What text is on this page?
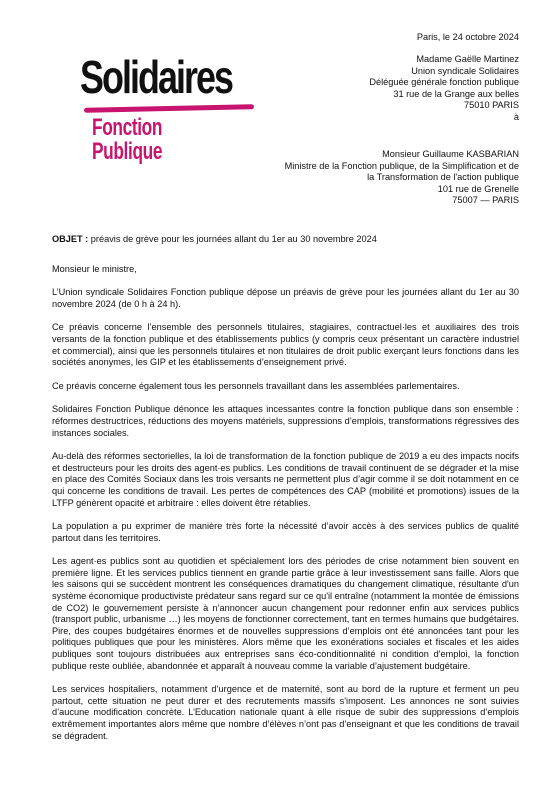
Paris, le 24 octobre 2024
Solidaires
Fonction Publique
Madame Gaëlle Martinez
Union syndicale Solidaires
Déléguée générale fonction publique
31 rue de la Grange aux belles
75010 PARIS
à
Monsieur Guillaume KASBARIAN
Ministre de la Fonction publique, de la Simplification et de la Transformation de l'action publique
101 rue de Grenelle
75007 — PARIS

OBJET : préavis de grève pour les journées allant du 1er au 30 novembre 2024

Monsieur le ministre,

L’Union syndicale Solidaires Fonction publique dépose un préavis de grève pour les journées allant du 1er au 30 novembre 2024 (de 0 h à 24 h).

Ce préavis concerne l’ensemble des personnels titulaires, stagiaires, contractuel·les et auxiliaires des trois versants de la fonction publique et des établissements publics (y compris ceux présentant un caractère industriel et commercial), ainsi que les personnels titulaires et non titulaires de droit public exerçant leurs fonctions dans les sociétés anonymes, les GIP et les établissements d’enseignement privé.

Ce préavis concerne également tous les personnels travaillant dans les assemblées parlementaires.

Solidaires Fonction Publique dénonce les attaques incessantes contre la fonction publique dans son ensemble : réformes destructrices, réductions des moyens matériels, suppressions d’emplois, transformations régressives des instances sociales.

Au-delà des réformes sectorielles, la loi de transformation de la fonction publique de 2019 a eu des impacts nocifs et destructeurs pour les droits des agent·es publics. Les conditions de travail continuent de se dégrader et la mise en place des Comités Sociaux dans les trois versants ne permettent plus d’agir comme il se doit notamment en ce qui concerne les conditions de travail. Les pertes de compétences des CAP (mobilité et promotions) issues de la LTFP génèrent opacité et arbitraire : elles doivent être rétablies.

La population a pu exprimer de manière très forte la nécessité d’avoir accès à des services publics de qualité partout dans les territoires.

Les agent·es publics sont au quotidien et spécialement lors des périodes de crise notamment bien souvent en première ligne. Et les services publics tiennent en grande partie grâce à leur investissement sans faille. Alors que les saisons qui se succèdent montrent les conséquences dramatiques du changement climatique, résultante d'un système économique productiviste prédateur sans regard sur ce qu'il entraîne (notamment la montée de émissions de CO2) le gouvernement persiste à n’annoncer aucun changement pour redonner enfin aux services publics (transport public, urbanisme …) les moyens de fonctionner correctement, tant en termes humains que budgétaires. Pire, des coupes budgétaires énormes et de nouvelles suppressions d’emplois ont été annoncées tant pour les politiques publiques que pour les ministères. Alors même que les exonérations sociales et fiscales et les aides publiques sont toujours distribuées aux entreprises sans éco-conditionnalité ni condition d'emploi, la fonction publique reste oubliée, abandonnée et apparaît à nouveau comme la variable d’ajustement budgétaire.

Les services hospitaliers, notamment d’urgence et de maternité, sont au bord de la rupture et ferment un peu partout, cette situation ne peut durer et des recrutements massifs s'imposent. Les annonces ne sont suivies d’aucune modification concrète. L’Education nationale quant à elle risque de subir des suppressions d’emplois extrêmement importantes alors même que nombre d’élèves n’ont pas d’enseignant et que les conditions de travail se dégradent.
